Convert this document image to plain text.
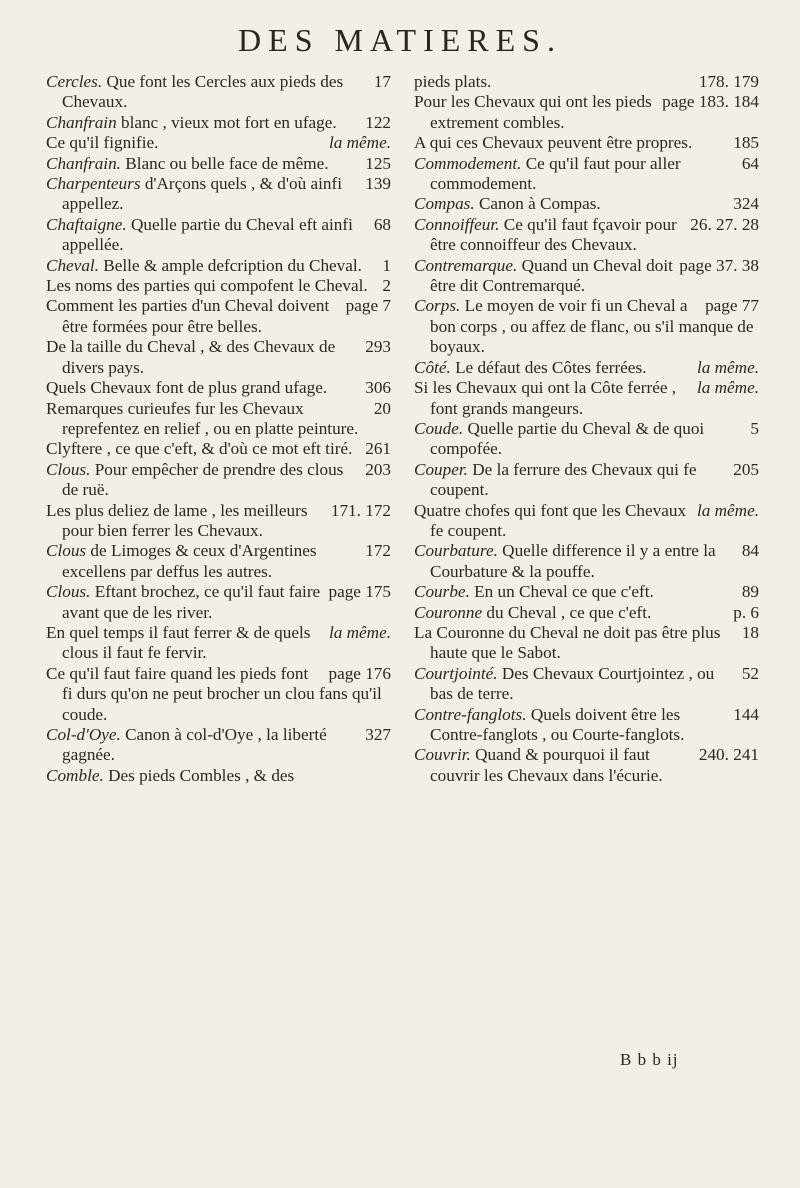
DES MATIERES.

17
Cercles. Que font les Cercles aux pieds des Chevaux.

122
Chanfrain blanc , vieux mot fort en ufage.

la même.
Ce qu'il fignifie.

125
Chanfrain. Blanc ou belle face de même.

139
Charpenteurs d'Arçons quels , & d'où ainfi appellez.

68
Chaftaigne. Quelle partie du Cheval eft ainfi appellée.

1
Cheval. Belle & ample defcription du Cheval.

2
Les noms des parties qui compofent le Cheval.

page 7
Comment les parties d'un Cheval doivent être formées pour être belles.

293
De la taille du Cheval , & des Chevaux de divers pays.

306
Quels Chevaux font de plus grand ufage.

20
Remarques curieufes fur les Chevaux reprefentez en relief , ou en platte peinture.

261
Clyftere , ce que c'eft, & d'où ce mot eft tiré.

203
Clous. Pour empêcher de prendre des clous de ruë.

171. 172
Les plus deliez de lame , les meilleurs pour bien ferrer les Chevaux.

172
Clous de Limoges & ceux d'Argentines excellens par deffus les autres.

page 175
Clous. Eftant brochez, ce qu'il faut faire avant que de les river.

la même.
En quel temps il faut ferrer & de quels clous il faut fe fervir.

page 176
Ce qu'il faut faire quand les pieds font fi durs qu'on ne peut brocher un clou fans qu'il coude.

327
Col-d'Oye. Canon à col-d'Oye , la liberté gagnée.

Comble. Des pieds Combles , & des

178. 179
pieds plats.

page 183. 184
Pour les Chevaux qui ont les pieds extrement combles.

185
A qui ces Chevaux peuvent être propres.

64
Commodement. Ce qu'il faut pour aller commodement.

324
Compas. Canon à Compas.

26. 27. 28
Connoiffeur. Ce qu'il faut fçavoir pour être connoiffeur des Chevaux.

page 37. 38
Contremarque. Quand un Cheval doit être dit Contremarqué.

page 77
Corps. Le moyen de voir fi un Cheval a bon corps , ou affez de flanc, ou s'il manque de boyaux.

la même.
Côté. Le défaut des Côtes ferrées.

la même.
Si les Chevaux qui ont la Côte ferrée , font grands mangeurs.

5
Coude. Quelle partie du Cheval & de quoi compofée.

205
Couper. De la ferrure des Chevaux qui fe coupent.

la même.
Quatre chofes qui font que les Chevaux fe coupent.

84
Courbature. Quelle difference il y a entre la Courbature & la pouffe.

89
Courbe. En un Cheval ce que c'eft.

p. 6
Couronne du Cheval , ce que c'eft.

18
La Couronne du Cheval ne doit pas être plus haute que le Sabot.

52
Courtjointé. Des Chevaux Courtjointez , ou bas de terre.

144
Contre-fanglots. Quels doivent être les Contre-fanglots , ou Courte-fanglots.

240. 241
Couvrir. Quand & pourquoi il faut couvrir les Chevaux dans l'écurie.

B b b ij
